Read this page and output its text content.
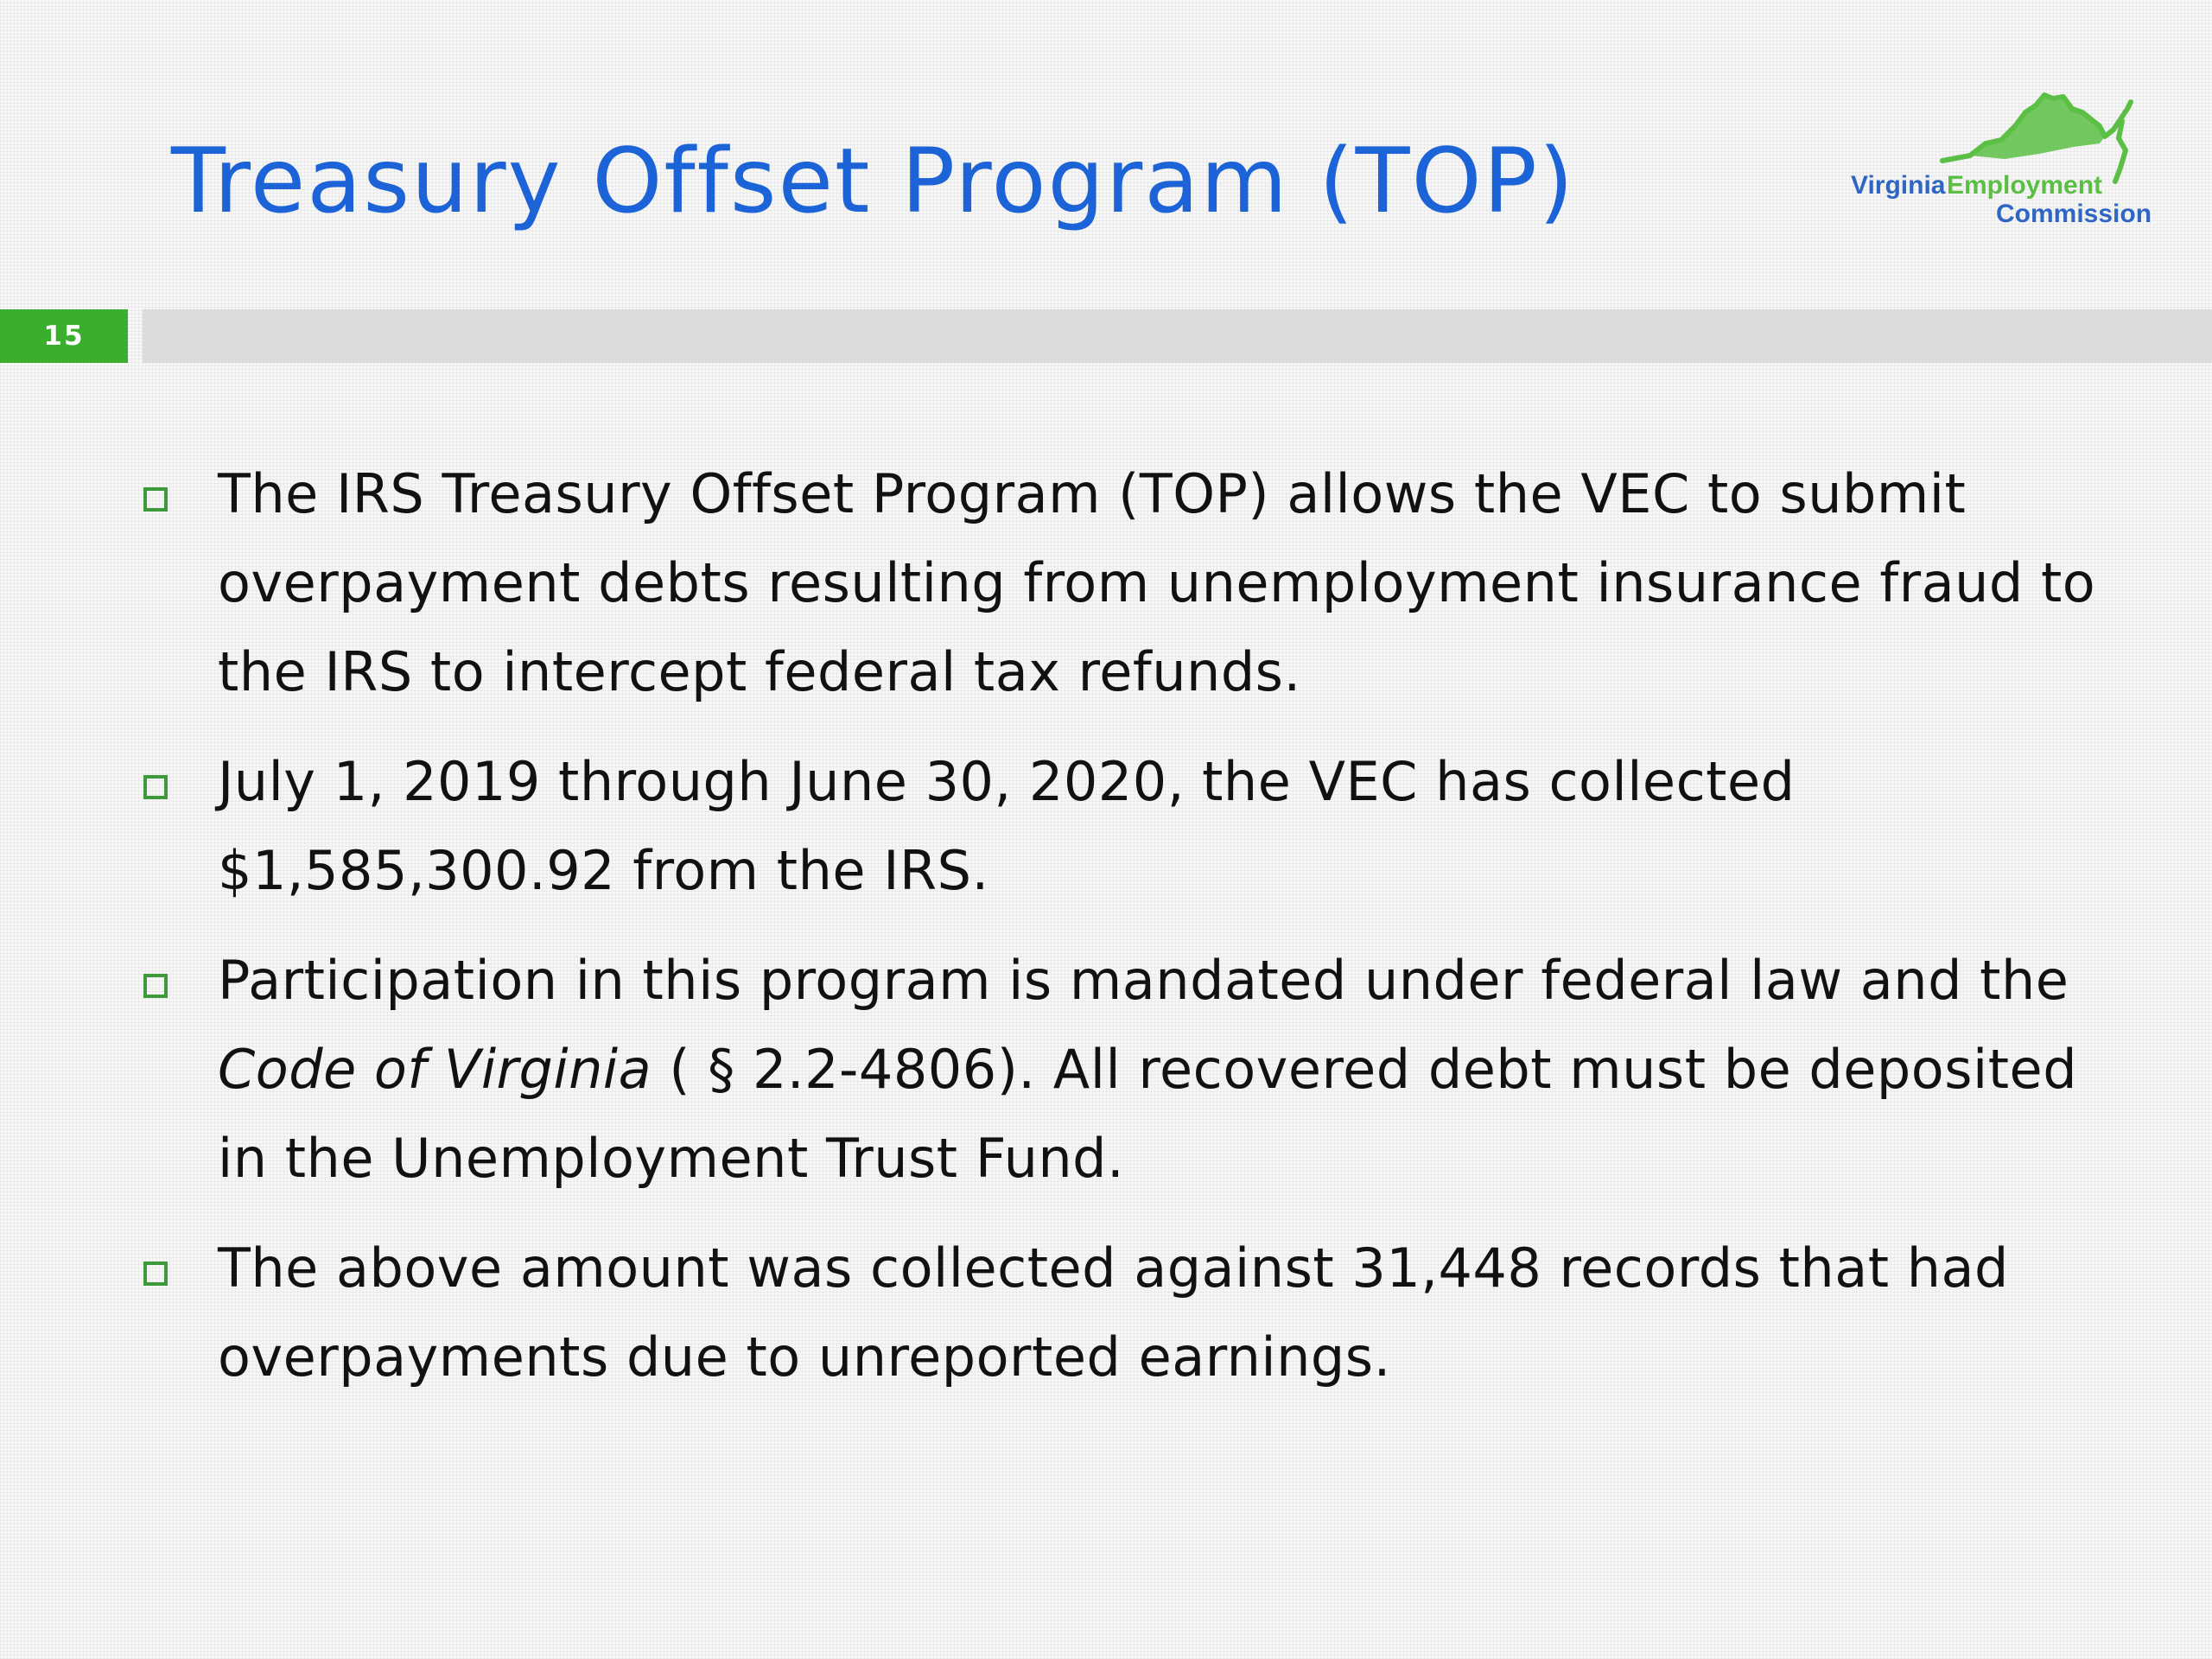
Treasury Offset Program (TOP)
15
Virginia Employment
Commission
The IRS Treasury Offset Program (TOP) allows the VEC to submit overpayment debts resulting from unemployment insurance fraud to the IRS to intercept federal tax refunds.
July 1, 2019 through June 30, 2020, the VEC has collected $1,585,300.92 from the IRS.
Participation in this program is mandated under federal law and the Code of Virginia ( § 2.2-4806). All recovered debt must be deposited in the Unemployment Trust Fund.
The above amount was collected against 31,448 records that had overpayments due to unreported earnings.
